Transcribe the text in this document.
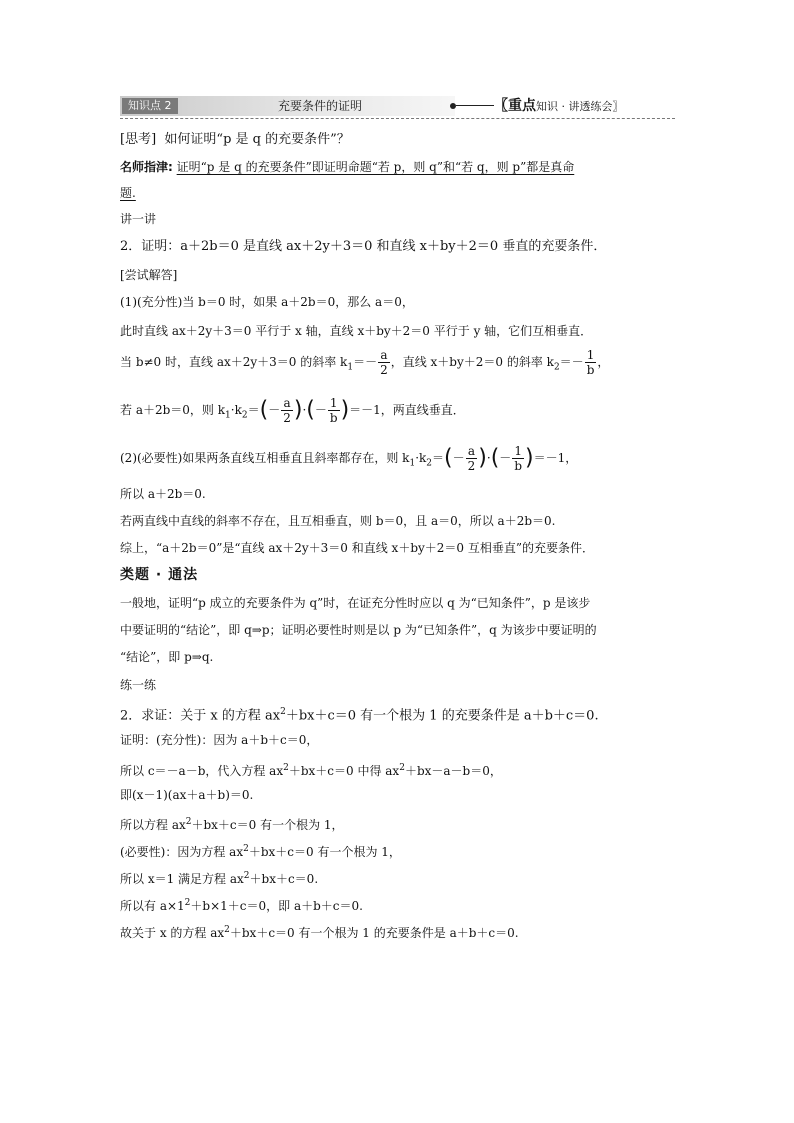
知识点 2	充要条件的证明	〖重点知识 · 讲透练会〗
[思考] 如何证明“p 是 q 的充要条件”？
名师指津: 证明“p 是 q 的充要条件”即证明命题“若 p，则 q”和“若 q，则 p”都是真命
题.
讲一讲
2．证明：a＋2b＝0 是直线 ax＋2y＋3＝0 和直线 x＋by＋2＝0 垂直的充要条件．
[尝试解答]
(1)(充分性)当 b＝0 时，如果 a＋2b＝0，那么 a＝0，
此时直线 ax＋2y＋3＝0 平行于 x 轴，直线 x＋by＋2＝0 平行于 y 轴，它们互相垂直．
当 b≠0 时，直线 ax＋2y＋3＝0 的斜率 $k_1=- \frac{a}{2}$ ，直线 x＋by＋2＝0 的斜率 $k_2=- \frac{1}{b}$ ，
若 a＋2b＝0，则 $k_1\cdot k_2=(- \frac{a}{2}$ )·(－ $\frac{1}{b} )=-1$，两直线垂直．
(2)(必要性)如果两条直线互相垂直且斜率都存在，则 $k_1\cdot k_2=(- \frac{a}{2}$ )·(－ $\frac{1}{b} )=-1$，
所以 a＋2b＝0.
若两直线中直线的斜率不存在，且互相垂直，则 b＝0，且 a＝0，所以 a＋2b＝0.
综上，“a＋2b＝0”是“直线 ax＋2y＋3＝0 和直线 x＋by＋2＝0 互相垂直”的充要条件．
类题 · 通法
一般地，证明“p 成立的充要条件为 q”时，在证充分性时应以 q 为“已知条件”，p 是该步
中要证明的“结论”，即 q⇒p；证明必要性时则是以 p 为“已知条件”，q 为该步中要证明的
“结论”，即 p⇒q.
练一练
2．求证：关于 x 的方程 $ax^2+bx+c=0$ 有一个根为 1 的充要条件是 a＋b＋c＝0.
证明：(充分性)：因为 a＋b＋c＝0，
所以 c＝－a－b，代入方程 $ax^2+bx+c=0$ 中得 $ax^2+bx-a-b=0$，
即(x－1)(ax＋a＋b)＝0.
所以方程 $ax^2+bx+c=0$ 有一个根为 1，
(必要性)：因为方程 $ax^2+bx+c=0$ 有一个根为 1，
所以 x＝1 满足方程 $ax^2+bx+c=0$.
所以有 $a\times 1^2+b\times 1+c=0$，即 a＋b＋c＝0.
故关于 x 的方程 $ax^2+bx+c=0$ 有一个根为 1 的充要条件是 a＋b＋c＝0.
